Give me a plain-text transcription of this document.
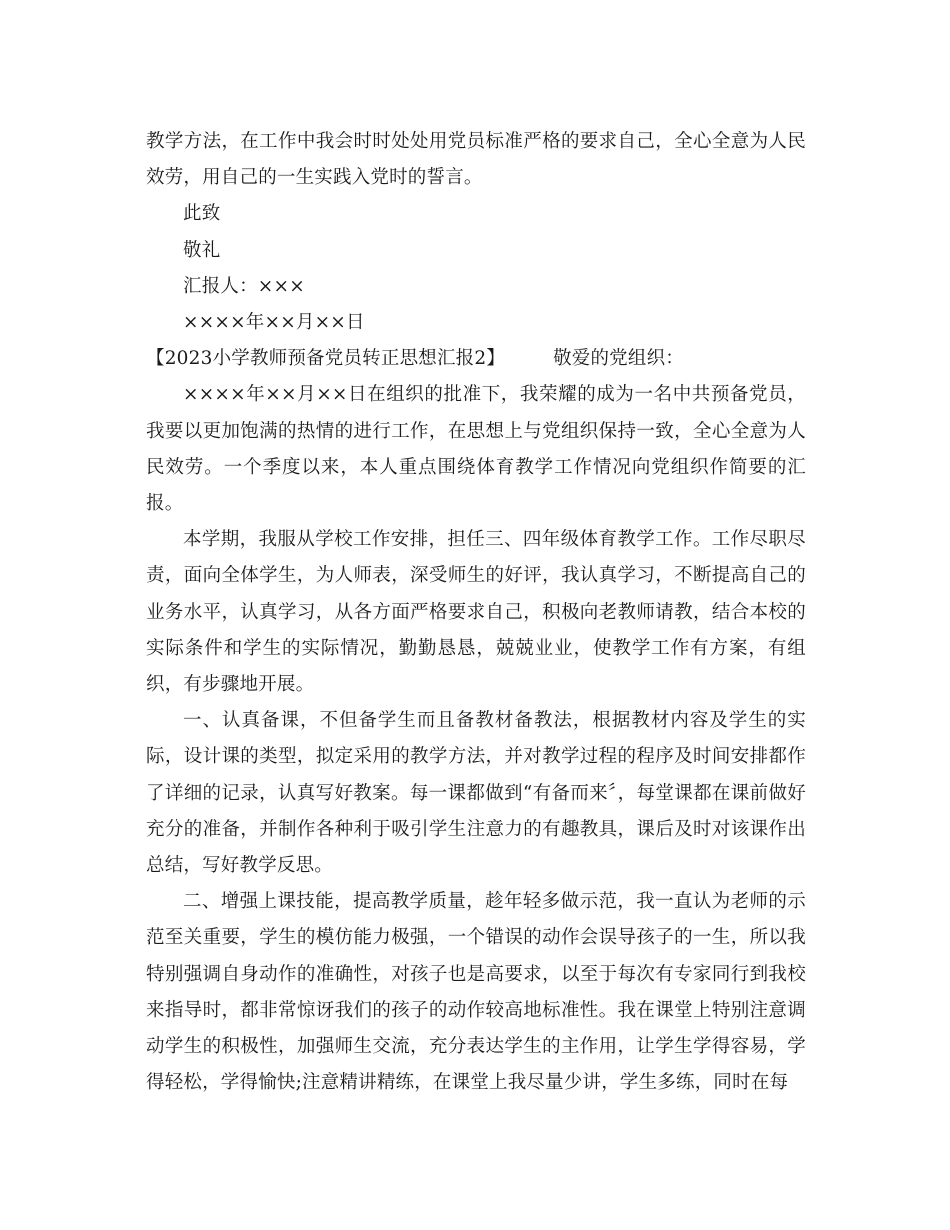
教学方法，在工作中我会时时处处用党员标准严格的要求自己，全心全意为人民效劳，用自己的一生实践入党时的誓言。

此致

敬礼

汇报人：×××

××××年××月××日

【2023小学教师预备党员转正思想汇报2】	敬爱的党组织：

××××年××月××日在组织的批准下，我荣耀的成为一名中共预备党员，我要以更加饱满的热情的进行工作，在思想上与党组织保持一致，全心全意为人民效劳。一个季度以来，本人重点围绕体育教学工作情况向党组织作简要的汇报。

本学期，我服从学校工作安排，担任三、四年级体育教学工作。工作尽职尽责，面向全体学生，为人师表，深受师生的好评，我认真学习，不断提高自己的业务水平，认真学习，从各方面严格要求自己，积极向老教师请教，结合本校的实际条件和学生的实际情况，勤勤恳恳，兢兢业业，使教学工作有方案，有组织，有步骤地开展。

一、认真备课，不但备学生而且备教材备教法，根据教材内容及学生的实际，设计课的类型，拟定采用的教学方法，并对教学过程的程序及时间安排都作了详细的记录，认真写好教案。每一课都做到“有备而来〞，每堂课都在课前做好充分的准备，并制作各种利于吸引学生注意力的有趣教具，课后及时对该课作出总结，写好教学反思。

二、增强上课技能，提高教学质量，趁年轻多做示范，我一直认为老师的示范至关重要，学生的模仿能力极强，一个错误的动作会误导孩子的一生，所以我特别强调自身动作的准确性，对孩子也是高要求，以至于每次有专家同行到我校来指导时，都非常惊讶我们的孩子的动作较高地标准性。我在课堂上特别注意调动学生的积极性，加强师生交流，充分表达学生的主作用，让学生学得容易，学得轻松，学得愉快;注意精讲精练，在课堂上我尽量少讲，学生多练，同时在每
